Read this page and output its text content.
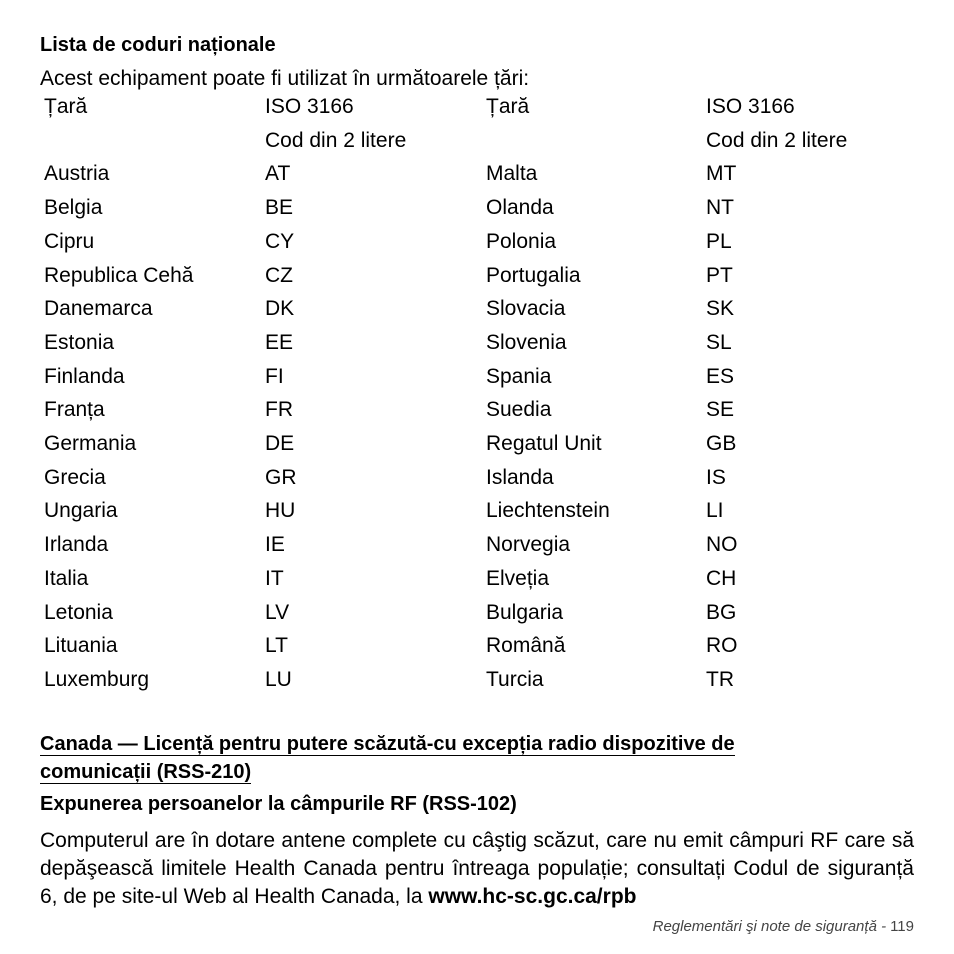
Lista de coduri naționale

Acest echipament poate fi utilizat în următoarele țări:

Țară	ISO 3166	Țară	ISO 3166
	Cod din 2 litere		Cod din 2 litere
Austria	AT	Malta	MT
Belgia	BE	Olanda	NT
Cipru	CY	Polonia	PL
Republica Cehă	CZ	Portugalia	PT
Danemarca	DK	Slovacia	SK
Estonia	EE	Slovenia	SL
Finlanda	FI	Spania	ES
Franța	FR	Suedia	SE
Germania	DE	Regatul Unit	GB
Grecia	GR	Islanda	IS
Ungaria	HU	Liechtenstein	LI
Irlanda	IE	Norvegia	NO
Italia	IT	Elveția	CH
Letonia	LV	Bulgaria	BG
Lituania	LT	Română	RO
Luxemburg	LU	Turcia	TR

Canada — Licență pentru putere scăzută-cu excepția radio dispozitive de comunicații (RSS-210)

Expunerea persoanelor la câmpurile RF (RSS-102)

Computerul are în dotare antene complete cu câştig scăzut, care nu emit câmpuri RF care să depăşească limitele Health Canada pentru întreaga populație; consultați Codul de siguranță 6, de pe site-ul Web al Health Canada, la www.hc-sc.gc.ca/rpb

Reglementări şi note de siguranță - 119
